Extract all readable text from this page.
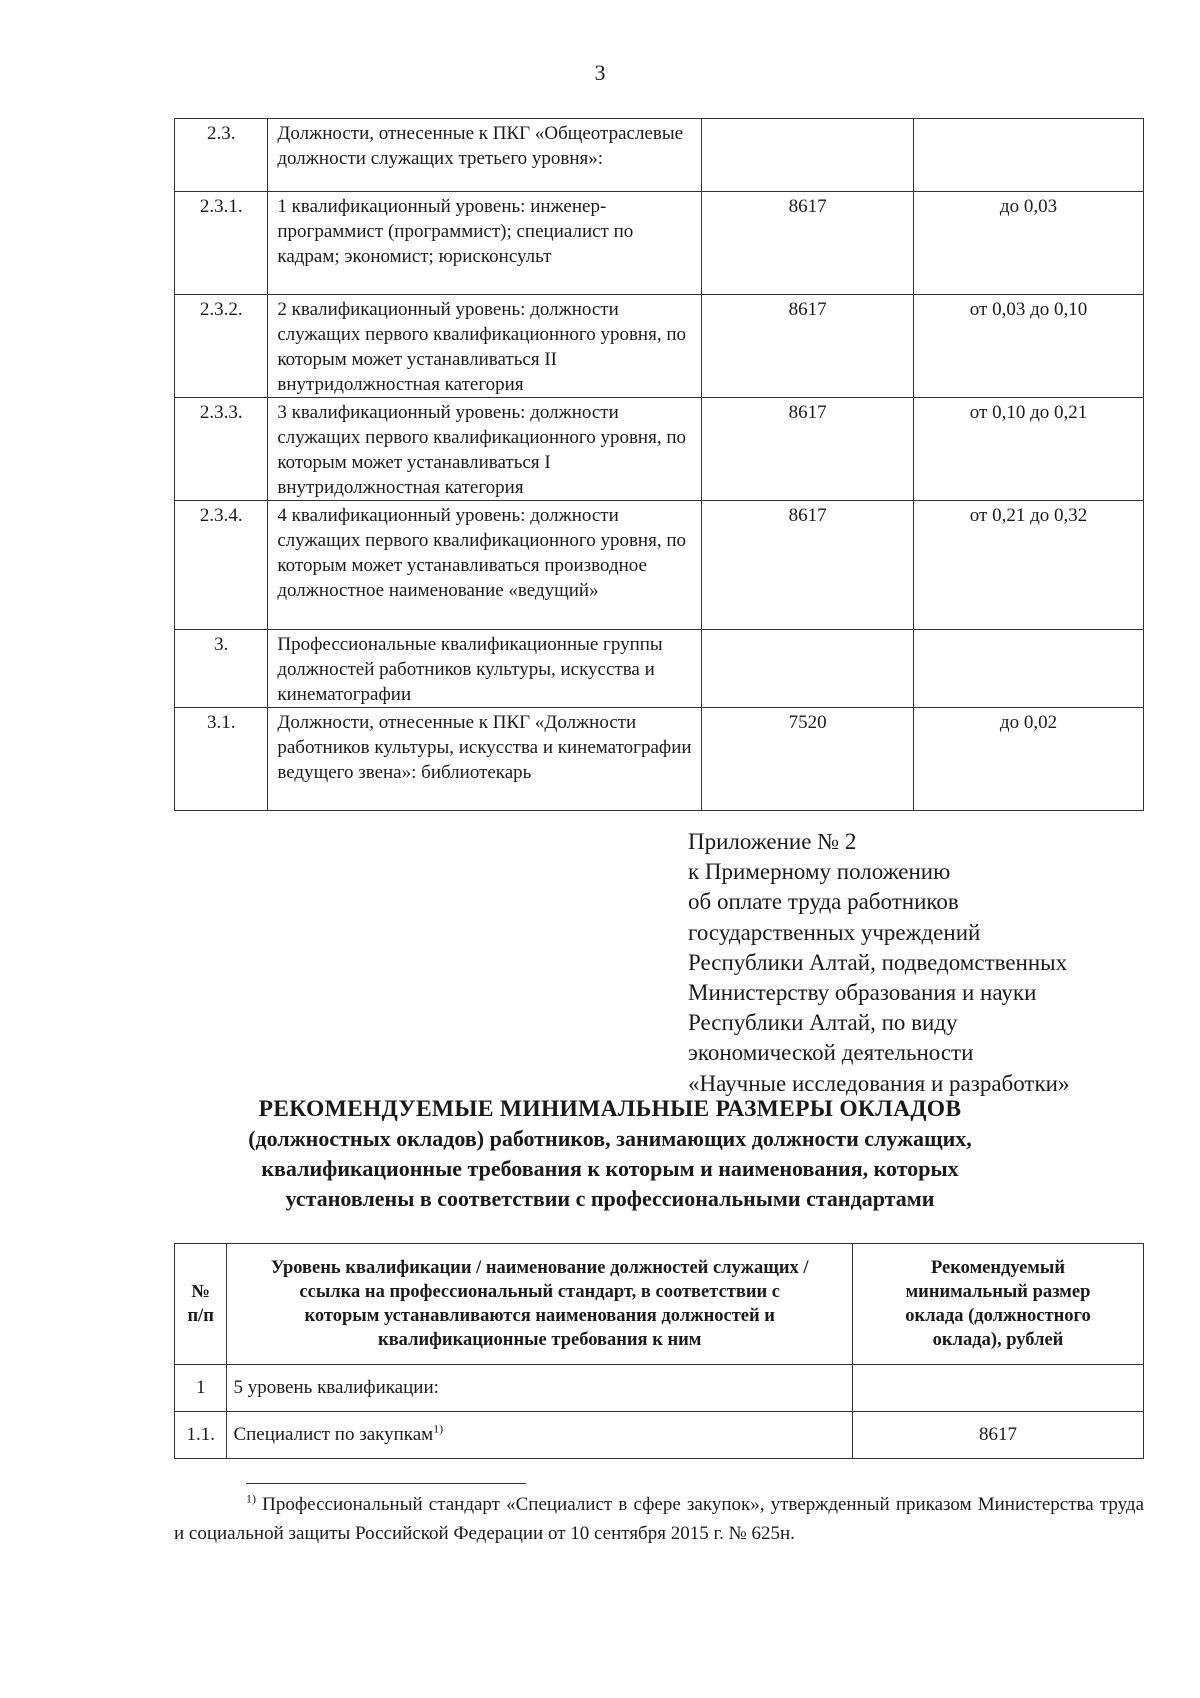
3
2.3.	Должности, отнесенные к ПКГ «Общеотраслевые должности служащих третьего уровня»:		
2.3.1.	1 квалификационный уровень: инженер-программист (программист); специалист по кадрам; экономист; юрисконсульт	8617	до 0,03
2.3.2.	2 квалификационный уровень: должности служащих первого квалификационного уровня, по которым может устанавливаться II внутридолжностная категория	8617	от 0,03 до 0,10
2.3.3.	3 квалификационный уровень: должности служащих первого квалификационного уровня, по которым может устанавливаться I внутридолжностная категория	8617	от 0,10 до 0,21
2.3.4.	4 квалификационный уровень: должности служащих первого квалификационного уровня, по которым может устанавливаться производное должностное наименование «ведущий»	8617	от 0,21 до 0,32
3.	Профессиональные квалификационные группы должностей работников культуры, искусства и кинематографии		
3.1.	Должности, отнесенные к ПКГ «Должности работников культуры, искусства и кинематографии ведущего звена»: библиотекарь	7520	до 0,02
Приложение № 2
к Примерному положению
об оплате труда работников
государственных учреждений
Республики Алтай, подведомственных
Министерству образования и науки
Республики Алтай, по виду
экономической деятельности
«Научные исследования и разработки»
РЕКОМЕНДУЕМЫЕ МИНИМАЛЬНЫЕ РАЗМЕРЫ ОКЛАДОВ
(должностных окладов) работников, занимающих должности служащих,
квалификационные требования к которым и наименования, которых
установлены в соответствии с профессиональными стандартами
№
п/п	Уровень квалификации / наименование должностей служащих / ссылка на профессиональный стандарт, в соответствии с которым устанавливаются наименования должностей и квалификационные требования к ним	Рекомендуемый минимальный размер оклада (должностного оклада), рублей
1	5 уровень квалификации:	
1.1.	Специалист по закупкам$^{1)}$	8617
$^{1)}$ Профессиональный стандарт «Специалист в сфере закупок», утвержденный приказом Министерства труда и социальной защиты Российской Федерации от 10 сентября 2015 г. № 625н.
